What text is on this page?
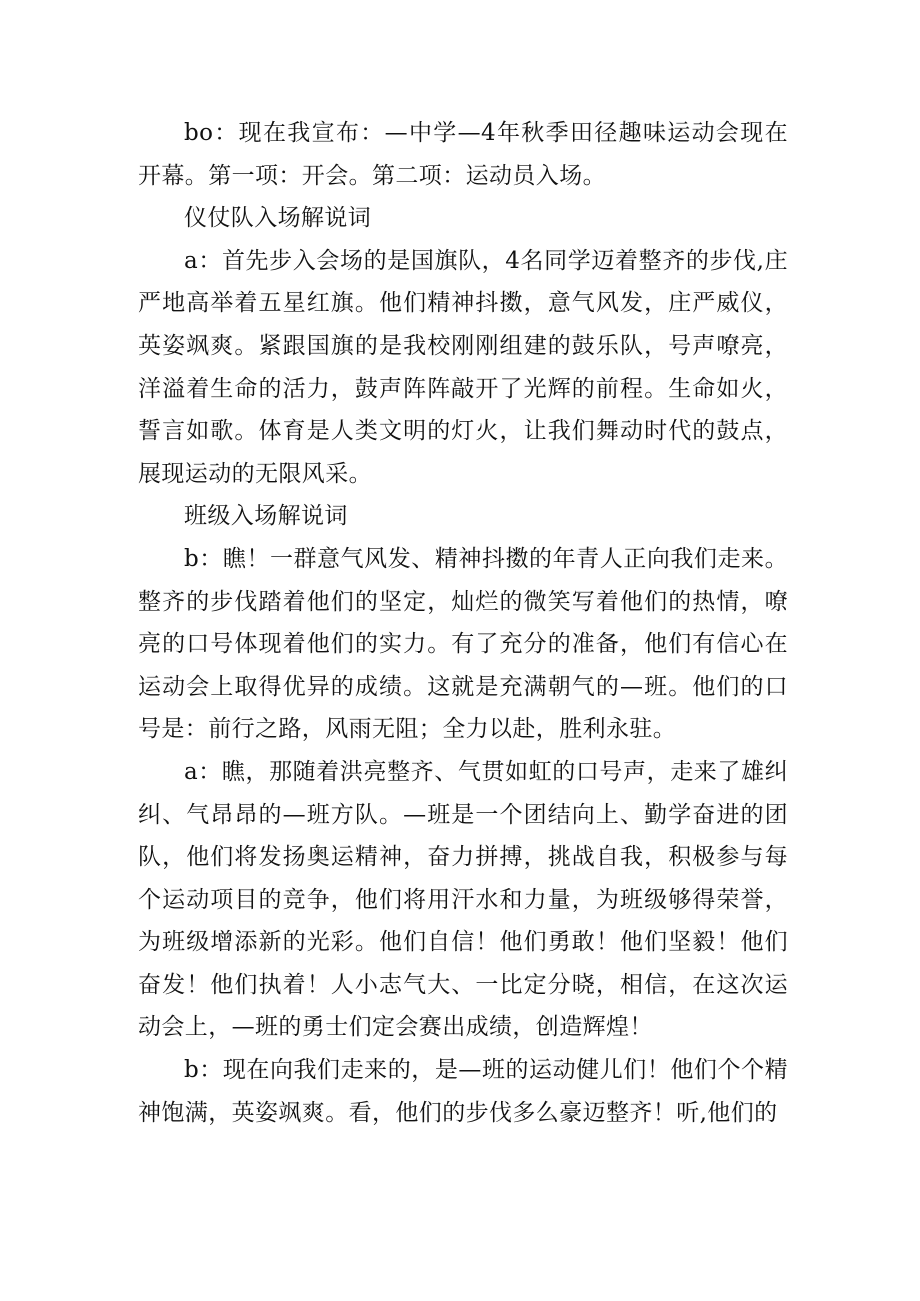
bo：现在我宣布：—中学—4年秋季田径趣味运动会现在开幕。第一项：开会。第二项：运动员入场。

仪仗队入场解说词

a：首先步入会场的是国旗队，4名同学迈着整齐的步伐,庄严地高举着五星红旗。他们精神抖擞，意气风发，庄严威仪，英姿飒爽。紧跟国旗的是我校刚刚组建的鼓乐队，号声嘹亮，洋溢着生命的活力，鼓声阵阵敲开了光辉的前程。生命如火，誓言如歌。体育是人类文明的灯火，让我们舞动时代的鼓点，展现运动的无限风采。

班级入场解说词

b：瞧！一群意气风发、精神抖擞的年青人正向我们走来。整齐的步伐踏着他们的坚定，灿烂的微笑写着他们的热情，嘹亮的口号体现着他们的实力。有了充分的准备，他们有信心在运动会上取得优异的成绩。这就是充满朝气的—班。他们的口号是：前行之路，风雨无阻；全力以赴，胜利永驻。

a：瞧，那随着洪亮整齐、气贯如虹的口号声，走来了雄纠纠、气昂昂的—班方队。—班是一个团结向上、勤学奋进的团队，他们将发扬奥运精神，奋力拼搏，挑战自我，积极参与每个运动项目的竞争，他们将用汗水和力量，为班级够得荣誉，为班级增添新的光彩。他们自信！他们勇敢！他们坚毅！他们奋发！他们执着！人小志气大、一比定分晓，相信，在这次运动会上，—班的勇士们定会赛出成绩，创造辉煌！

b：现在向我们走来的，是—班的运动健儿们！他们个个精神饱满，英姿飒爽。看，他们的步伐多么豪迈整齐！听,他们的
